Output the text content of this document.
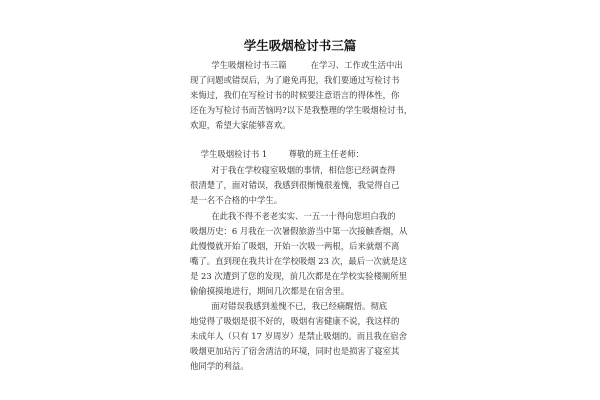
学生吸烟检讨书三篇
学生吸烟检讨书三篇         在学习、工作或生活中出
现了问题或错误后，为了避免再犯，我们要通过写检讨书
来悔过，我们在写检讨书的时候要注意语言的得体性，你
还在为写检讨书而苦恼吗?以下是我整理的学生吸烟检讨书，
欢迎，希望大家能够喜欢。
学生吸烟检讨书 1        尊敬的班主任老师：
对于我在学校寝室吸烟的事情，相信您已经调查得
很清楚了，面对错误，我感到很惭愧很羞愧，我觉得自己
是一名不合格的中学生。
在此我不得不老老实实、一五一十得向您坦白我的
吸烟历史：6 月我在一次暑假旅游当中第一次接触香烟，从
此慢慢就开始了吸烟，开始一次吸一两根，后来就烟不离
嘴了。直到现在我共计在学校吸烟 23 次，最后一次就是这
是 23 次遭到了您的发现，前几次都是在学校实验楼厕所里
偷偷摸摸地进行，期间几次都是在宿舍里。
面对错误我感到羞愧不已，我已经痛醒悟。彻底
地觉得了吸烟是很不好的，吸烟有害健康不说，我这样的
未成年人（只有 17 岁周岁）是禁止吸烟的。而且我在宿舍
吸烟更加玷污了宿舍清洁的环境，同时也是损害了寝室其
他同学的利益。
